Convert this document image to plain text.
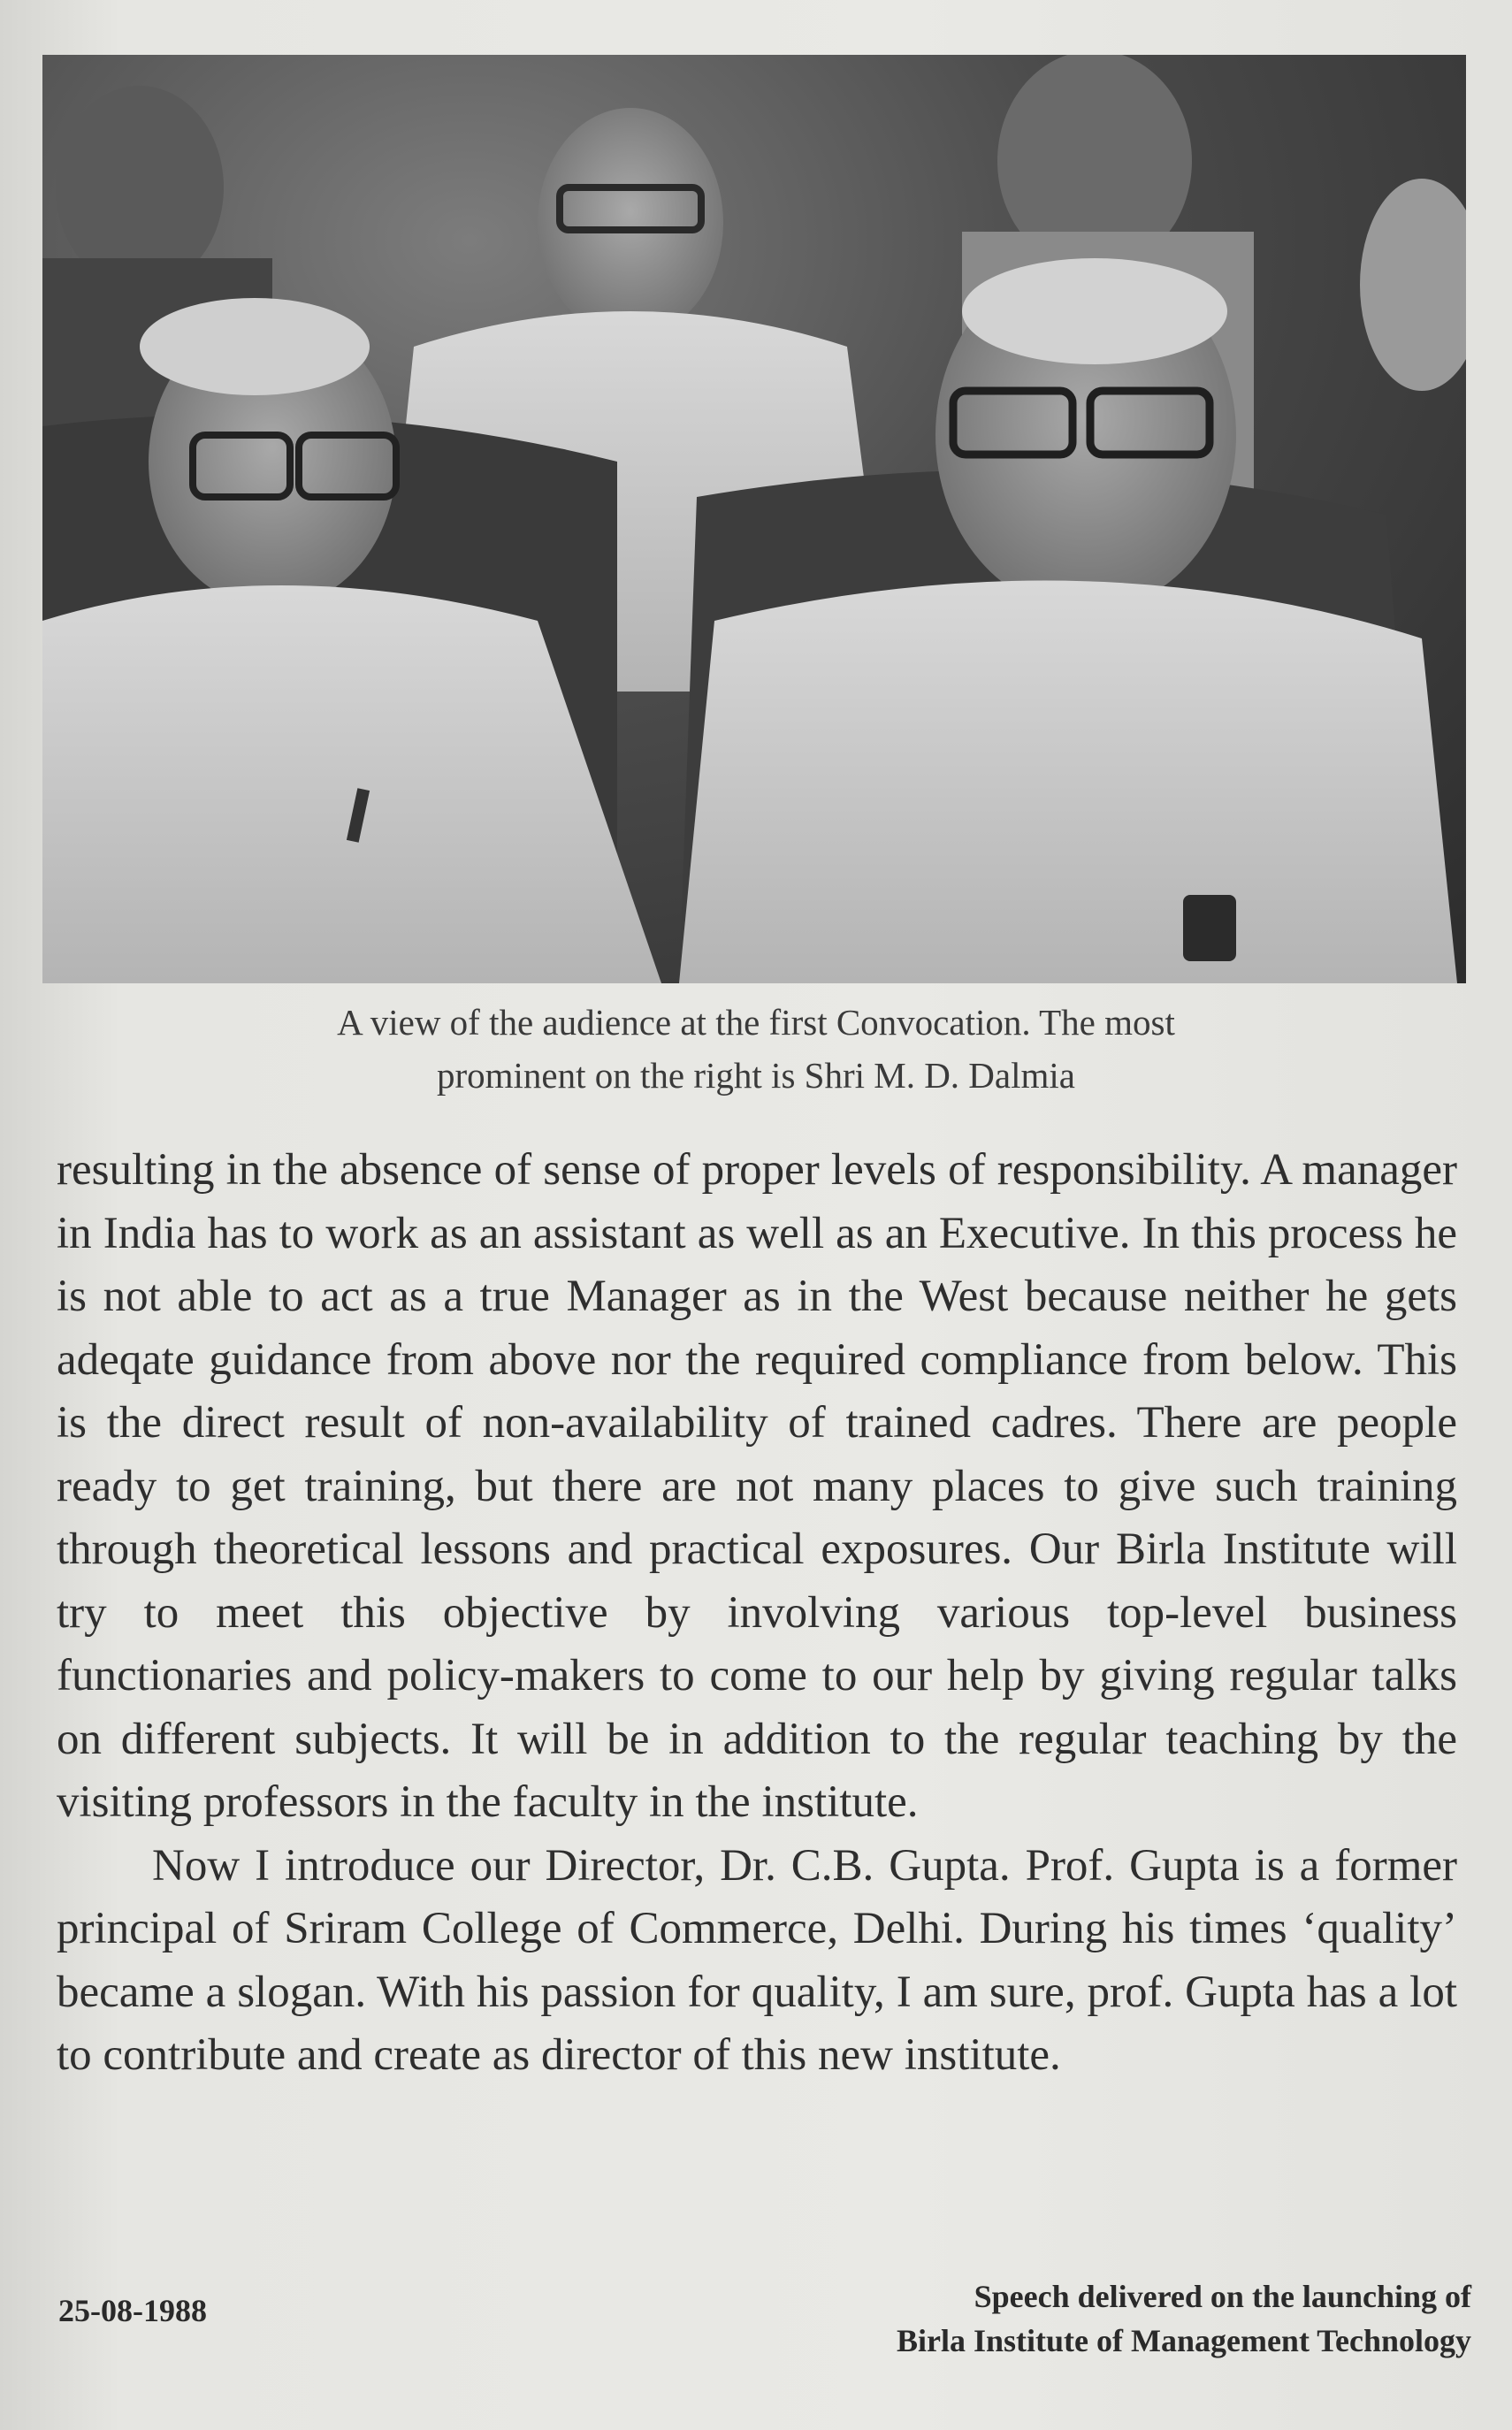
A view of the audience at the first Convocation. The most
prominent on the right is Shri M. D. Dalmia

resulting in the absence of sense of proper levels of responsibility. A manager in India has to work as an assistant as well as an Executive. In this process he is not able to act as a true Manager as in the West because neither he gets adeqate guidance from above nor the required compliance from below. This is the direct result of non-availability of trained cadres. There are people ready to get training, but there are not many places to give such training through theoretical lessons and practical exposures. Our Birla Institute will try to meet this objective by involving various top-level business functionaries and policy-makers to come to our help by giving regular talks on different subjects. It will be in addition to the regular teaching by the visiting professors in the faculty in the institute.

Now I introduce our Director, Dr. C.B. Gupta. Prof. Gupta is a former principal of Sriram College of Commerce, Delhi. During his times ‘quality’ became a slogan. With his passion for quality, I am sure, prof. Gupta has a lot to contribute and create as director of this new institute.

25-08-1988	Speech delivered on the launching of
Birla Institute of Management Technology
